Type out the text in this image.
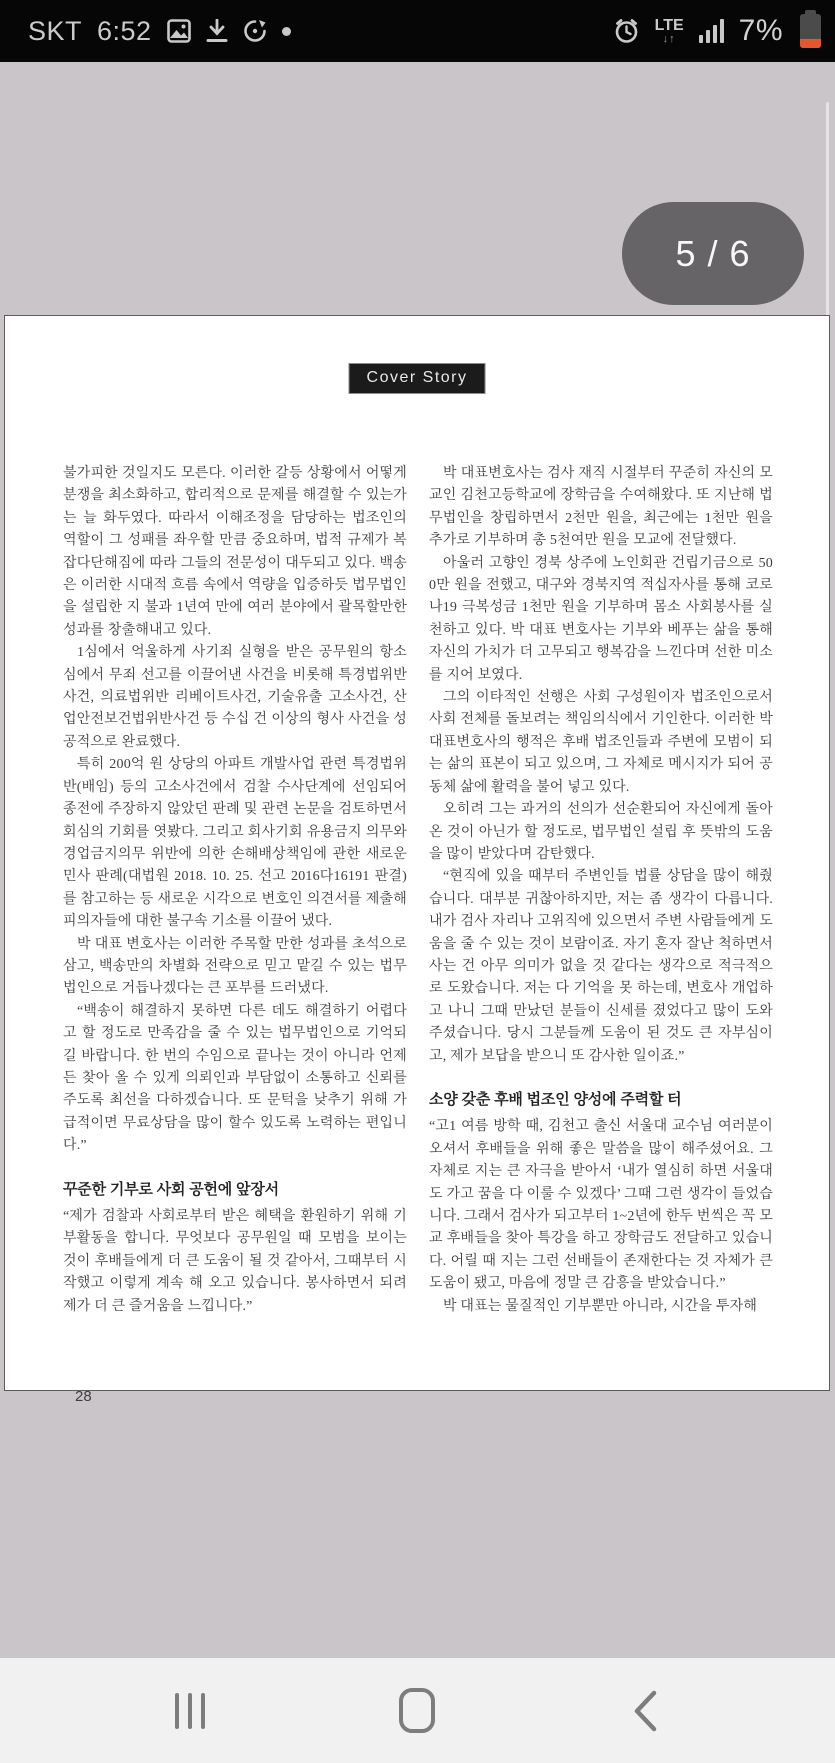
SKT 6:52	LTE
↓↑ 7%
5 / 6
Cover Story

불가피한 것일지도 모른다. 이러한 갈등 상황에서 어떻게 분쟁을 최소화하고, 합리적으로 문제를 해결할 수 있는가는 늘 화두였다. 따라서 이해조정을 담당하는 법조인의 역할이 그 성패를 좌우할 만큼 중요하며, 법적 규제가 복잡다단해짐에 따라 그들의 전문성이 대두되고 있다. 백송은 이러한 시대적 흐름 속에서 역량을 입증하듯 법무법인을 설립한 지 불과 1년여 만에 여러 분야에서 괄목할만한 성과를 창출해내고 있다.

1심에서 억울하게 사기죄 실형을 받은 공무원의 항소심에서 무죄 선고를 이끌어낸 사건을 비롯해 특경법위반 사건, 의료법위반 리베이트사건, 기술유출 고소사건, 산업안전보건법위반사건 등 수십 건 이상의 형사 사건을 성공적으로 완료했다.

특히 200억 원 상당의 아파트 개발사업 관련 특경법위반(배임) 등의 고소사건에서 검찰 수사단계에 선임되어 종전에 주장하지 않았던 판례 및 관련 논문을 검토하면서 회심의 기회를 엿봤다. 그리고 회사기회 유용금지 의무와 경업금지의무 위반에 의한 손해배상책임에 관한 새로운 민사 판례(대법원 2018. 10. 25. 선고 2016다16191 판결)를 참고하는 등 새로운 시각으로 변호인 의견서를 제출해 피의자들에 대한 불구속 기소를 이끌어 냈다.

박 대표 변호사는 이러한 주목할 만한 성과를 초석으로 삼고, 백송만의 차별화 전략으로 믿고 맡길 수 있는 법무법인으로 거듭나겠다는 큰 포부를 드러냈다.

“백송이 해결하지 못하면 다른 데도 해결하기 어렵다고 할 정도로 만족감을 줄 수 있는 법무법인으로 기억되길 바랍니다. 한 번의 수임으로 끝나는 것이 아니라 언제든 찾아 올 수 있게 의뢰인과 부담없이 소통하고 신뢰를 주도록 최선을 다하겠습니다. 또 문턱을 낮추기 위해 가급적이면 무료상담을 많이 할수 있도록 노력하는 편입니다.”

꾸준한 기부로 사회 공헌에 앞장서

“제가 검찰과 사회로부터 받은 혜택을 환원하기 위해 기부활동을 합니다. 무엇보다 공무원일 때 모범을 보이는 것이 후배들에게 더 큰 도움이 될 것 같아서, 그때부터 시작했고 이렇게 계속 해 오고 있습니다. 봉사하면서 되려 제가 더 큰 즐거움을 느낍니다.”

박 대표변호사는 검사 재직 시절부터 꾸준히 자신의 모교인 김천고등학교에 장학금을 수여해왔다. 또 지난해 법무법인을 창립하면서 2천만 원을, 최근에는 1천만 원을 추가로 기부하며 총 5천여만 원을 모교에 전달했다.

아울러 고향인 경북 상주에 노인회관 건립기금으로 500만 원을 전했고, 대구와 경북지역 적십자사를 통해 코로나19 극복성금 1천만 원을 기부하며 몸소 사회봉사를 실천하고 있다. 박 대표 변호사는 기부와 베푸는 삶을 통해 자신의 가치가 더 고무되고 행복감을 느낀다며 선한 미소를 지어 보였다.

그의 이타적인 선행은 사회 구성원이자 법조인으로서 사회 전체를 돌보려는 책임의식에서 기인한다. 이러한 박 대표변호사의 행적은 후배 법조인들과 주변에 모범이 되는 삶의 표본이 되고 있으며, 그 자체로 메시지가 되어 공동체 삶에 활력을 불어 넣고 있다.

오히려 그는 과거의 선의가 선순환되어 자신에게 돌아온 것이 아닌가 할 정도로, 법무법인 설립 후 뜻밖의 도움을 많이 받았다며 감탄했다.

“현직에 있을 때부터 주변인들 법률 상담을 많이 해줬습니다. 대부분 귀찮아하지만, 저는 좀 생각이 다릅니다. 내가 검사 자리나 고위직에 있으면서 주변 사람들에게 도움을 줄 수 있는 것이 보람이죠. 자기 혼자 잘난 척하면서 사는 건 아무 의미가 없을 것 같다는 생각으로 적극적으로 도왔습니다. 저는 다 기억을 못 하는데, 변호사 개업하고 나니 그때 만났던 분들이 신세를 졌었다고 많이 도와주셨습니다. 당시 그분들께 도움이 된 것도 큰 자부심이고, 제가 보답을 받으니 또 감사한 일이죠.”

소양 갖춘 후배 법조인 양성에 주력할 터

“고1 여름 방학 때, 김천고 출신 서울대 교수님 여러분이 오셔서 후배들을 위해 좋은 말씀을 많이 해주셨어요. 그 자체로 지는 큰 자극을 받아서 ‘내가 열심히 하면 서울대도 가고 꿈을 다 이룰 수 있겠다’ 그때 그런 생각이 들었습니다. 그래서 검사가 되고부터 1~2년에 한두 번씩은 꼭 모교 후배들을 찾아 특강을 하고 장학금도 전달하고 있습니다. 어릴 때 지는 그런 선배들이 존재한다는 것 자체가 큰 도움이 됐고, 마음에 정말 큰 감흥을 받았습니다.”

박 대표는 물질적인 기부뿐만 아니라, 시간을 투자해

28
